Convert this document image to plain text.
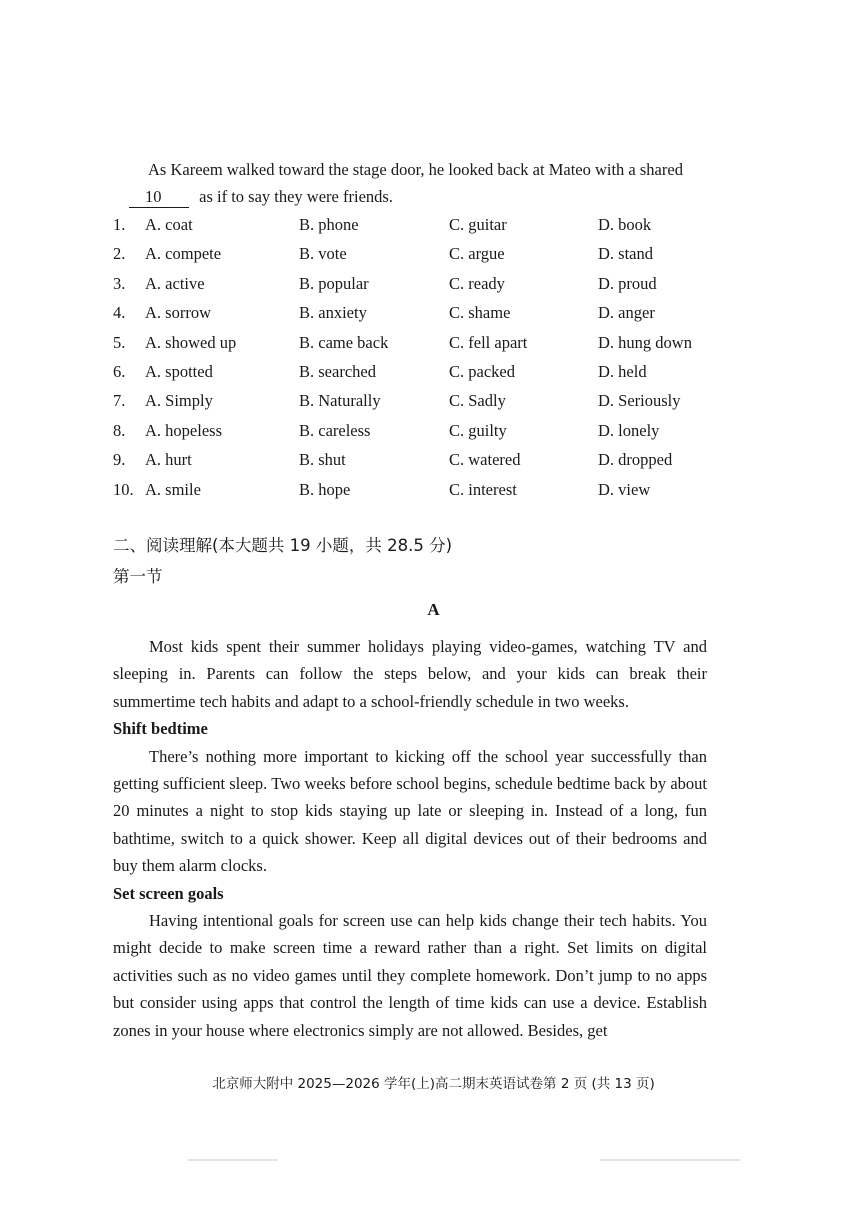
As Kareem walked toward the stage door, he looked back at Mateo with a shared
10 as if to say they were friends.
1. A. coat	B. phone	C. guitar	D. book
2. A. compete	B. vote	C. argue	D. stand
3. A. active	B. popular	C. ready	D. proud
4. A. sorrow	B. anxiety	C. shame	D. anger
5. A. showed up	B. came back	C. fell apart	D. hung down
6. A. spotted	B. searched	C. packed	D. held
7. A. Simply	B. Naturally	C. Sadly	D. Seriously
8. A. hopeless	B. careless	C. guilty	D. lonely
9. A. hurt	B. shut	C. watered	D. dropped
10. A. smile	B. hope	C. interest	D. view
二、阅读理解(本大题共 19 小题，共 28.5 分)
第一节
A

Most kids spent their summer holidays playing video-games, watching TV and sleeping in. Parents can follow the steps below, and your kids can break their summertime tech habits and adapt to a school-friendly schedule in two weeks.

Shift bedtime

There’s nothing more important to kicking off the school year successfully than getting sufficient sleep. Two weeks before school begins, schedule bedtime back by about 20 minutes a night to stop kids staying up late or sleeping in. Instead of a long, fun bathtime, switch to a quick shower. Keep all digital devices out of their bedrooms and buy them alarm clocks.

Set screen goals

Having intentional goals for screen use can help kids change their tech habits. You might decide to make screen time a reward rather than a right. Set limits on digital activities such as no video games until they complete homework. Don’t jump to no apps but consider using apps that control the length of time kids can use a device. Establish zones in your house where electronics simply are not allowed. Besides, get

北京师大附中 2025—2026 学年(上)高二期末英语试卷第 2 页 (共 13 页)
